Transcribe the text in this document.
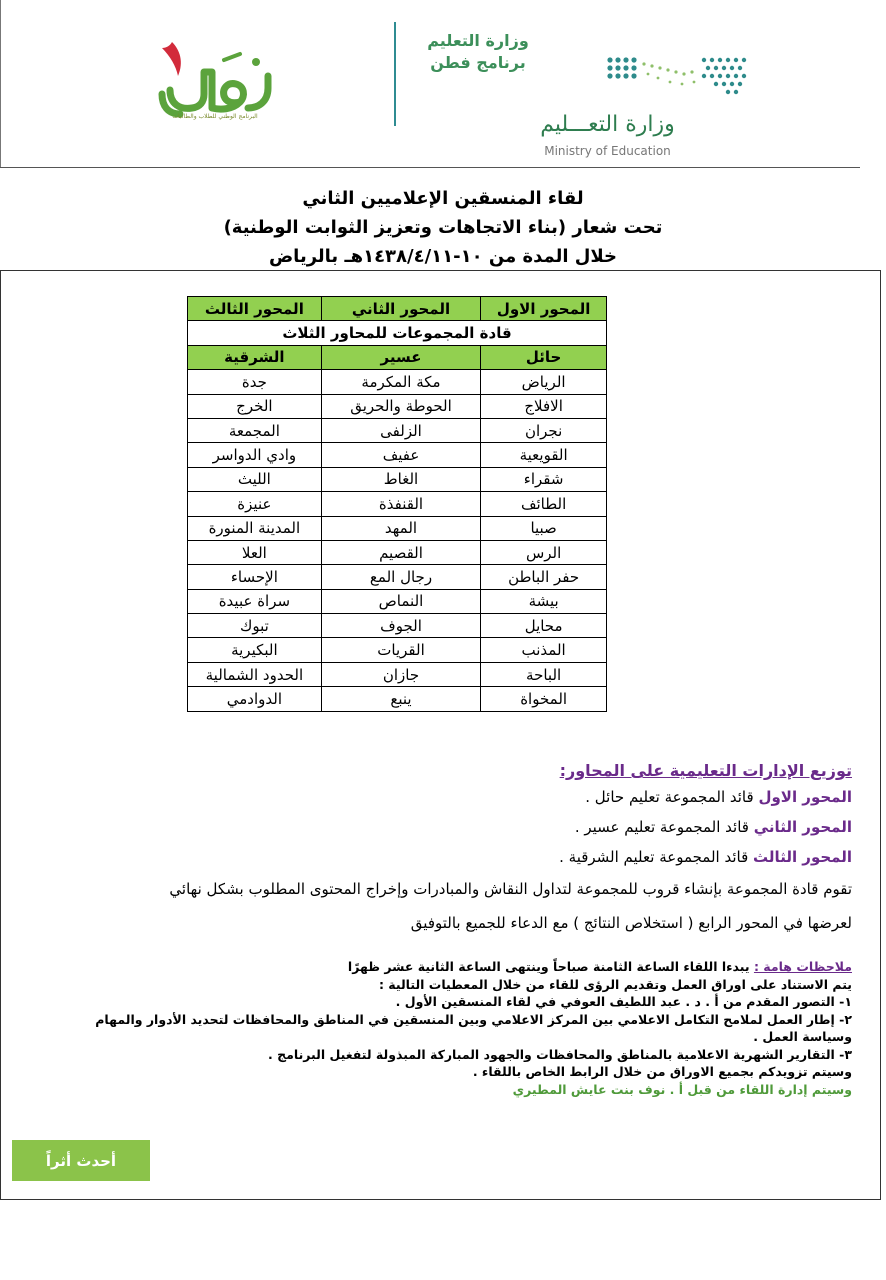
البرنامج الوطني للطلاب والطالبات
وزارة التعليم
برنامج فطن
وزارة التعـــليم
Ministry of Education
لقاء المنسقين الإعلاميين الثاني
تحت شعار (بناء الاتجاهات وتعزيز الثوابت الوطنية)
خلال المدة من ١٠-١٤٣٨/٤/١١هـ بالرياض
المحور الاول	المحور الثاني	المحور الثالث
قادة المجموعات للمحاور الثلاث		
حائل	عسير	الشرقية
الرياض	مكة المكرمة	جدة
الافلاج	الحوطة والحريق	الخرج
نجران	الزلفى	المجمعة
القويعية	عفيف	وادي الدواسر
شقراء	الغاط	الليث
الطائف	القنفذة	عنيزة
صبيا	المهد	المدينة المنورة
الرس	القصيم	العلا
حفر الباطن	رجال المع	الإحساء
بيشة	النماص	سراة عبيدة
محايل	الجوف	تبوك
المذنب	القريات	البكيرية
الباحة	جازان	الحدود الشمالية
المخواة	ينبع	الدوادمي
توزيع الإدارات التعليمية على المحاور:
المحور الاول قائد المجموعة تعليم حائل .
المحور الثاني قائد المجموعة تعليم عسير .
المحور الثالث قائد المجموعة تعليم الشرقية .
تقوم قادة المجموعة بإنشاء قروب للمجموعة لتداول النقاش والمبادرات وإخراج المحتوى المطلوب بشكل نهائي
لعرضها في المحور الرابع ( استخلاص النتائج ) مع الدعاء للجميع بالتوفيق
ملاحظات هامة : يبدءا اللقاء الساعة الثامنة صباحاً وينتهى الساعة الثانية عشر ظهرًا
يتم الاستناد على اوراق العمل وتقديم الرؤى للقاء من خلال المعطيات التالية :
١- التصور المقدم من أ . د . عبد اللطيف العوفي في لقاء المنسقين الأول .
٢- إطار العمل لملامح التكامل الاعلامي بين المركز الاعلامي وبين المنسقين في المناطق والمحافظات لتحديد الأدوار والمهام
وسياسة العمل .
٣- التقارير الشهرية الاعلامية بالمناطق والمحافظات والجهود المباركة المبذولة لتفغيل البرنامج .
وسيتم تزويدكم بجميع الاوراق من خلال الرابط الخاص باللقاء .
وسيتم إدارة اللقاء من قبل أ . نوف بنت عايش المطيري
أحدث أثراً
